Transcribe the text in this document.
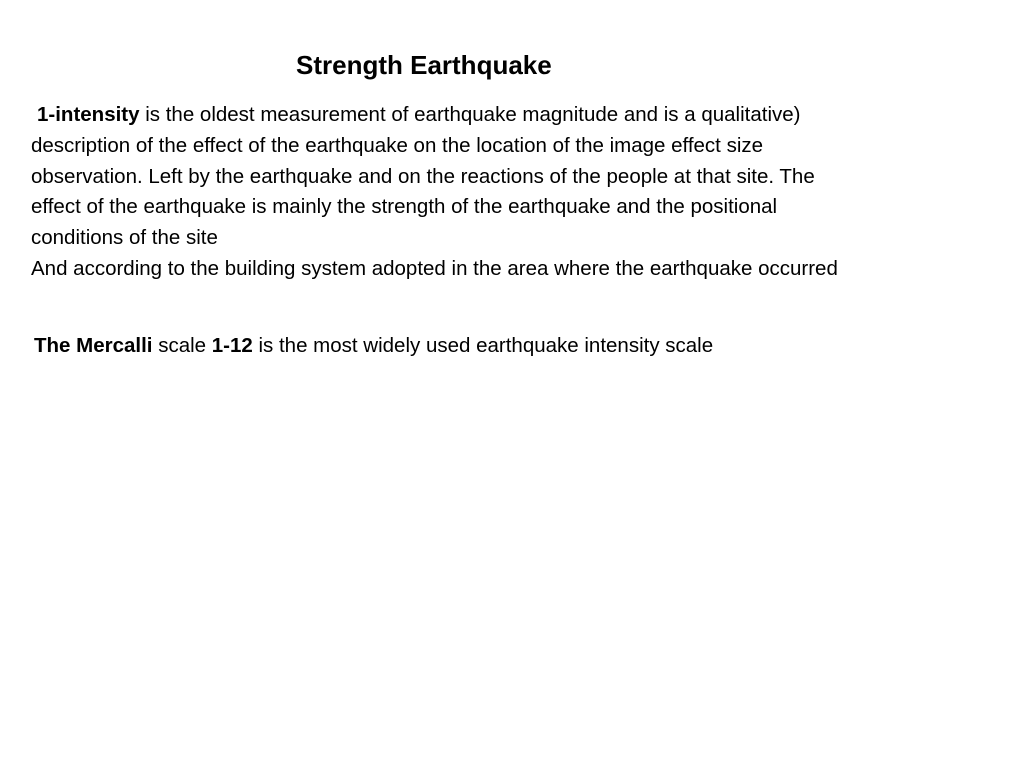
Strength Earthquake
1-intensity is the oldest measurement of earthquake magnitude and is a qualitative)
description of the effect of the earthquake on the location of the image effect size
observation. Left by the earthquake and on the reactions of the people at that site. The
effect of the earthquake is mainly the strength of the earthquake and the positional
conditions of the site
And according to the building system adopted in the area where the earthquake occurred
The Mercalli scale 1-12 is the most widely used earthquake intensity scale
